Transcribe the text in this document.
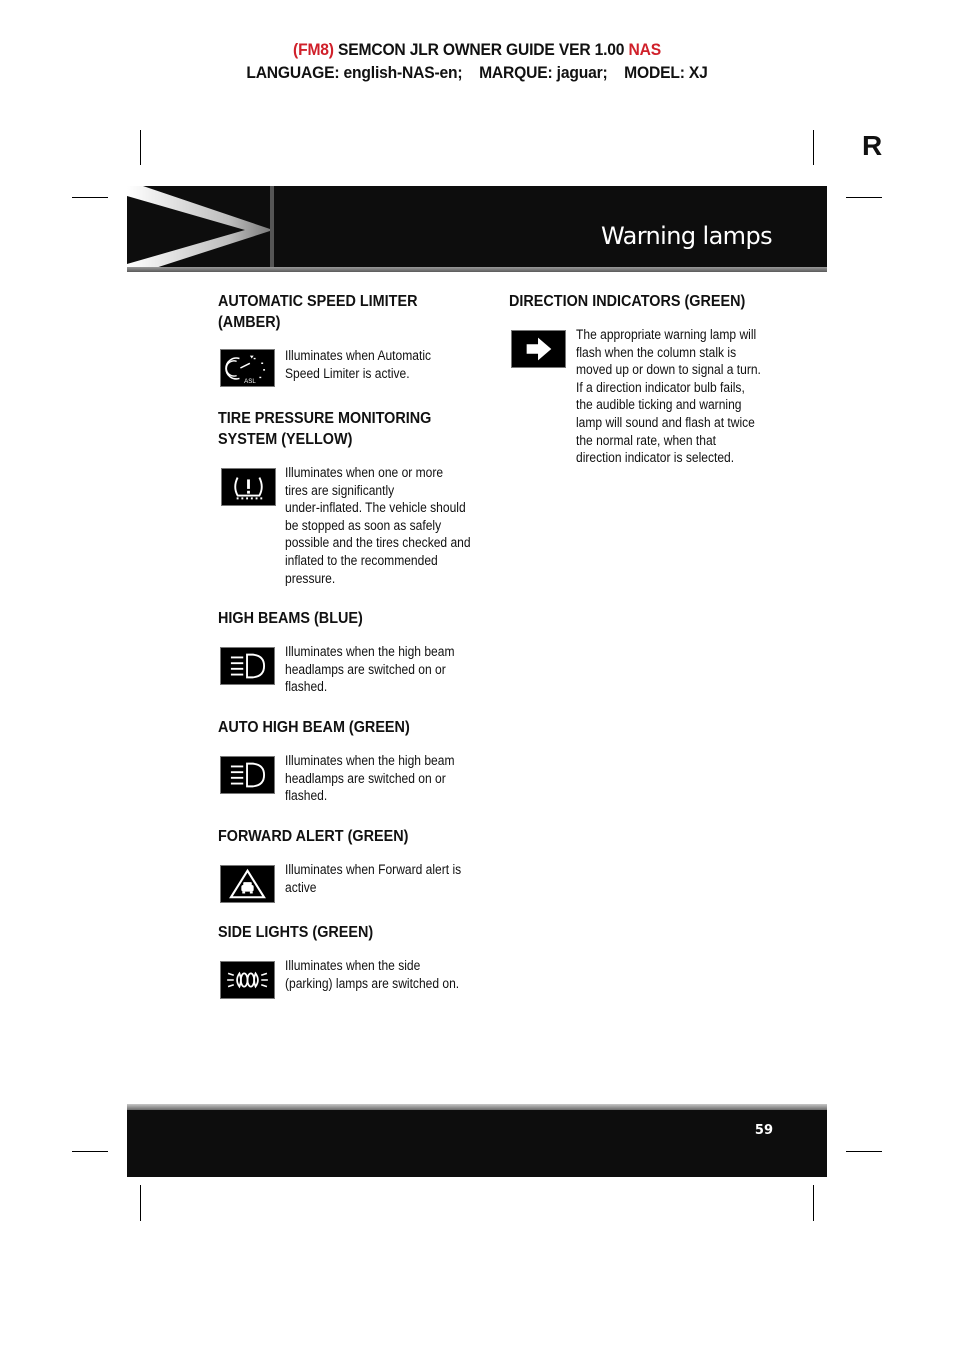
(FM8) SEMCON JLR OWNER GUIDE VER 1.00 NAS
LANGUAGE: english-NAS-en;    MARQUE: jaguar;    MODEL: XJ
R
Warning lamps
AUTOMATIC SPEED LIMITER
(AMBER)
ASL
Illuminates when Automatic
Speed Limiter is active.
TIRE PRESSURE MONITORING
SYSTEM (YELLOW)
Illuminates when one or more
tires are significantly
under-inflated. The vehicle should
be stopped as soon as safely
possible and the tires checked and
inflated to the recommended
pressure.
HIGH BEAMS (BLUE)
Illuminates when the high beam
headlamps are switched on or
flashed.
AUTO HIGH BEAM (GREEN)
Illuminates when the high beam
headlamps are switched on or
flashed.
FORWARD ALERT (GREEN)
Illuminates when Forward alert is
active
SIDE LIGHTS (GREEN)
Illuminates when the side
(parking) lamps are switched on.
DIRECTION INDICATORS (GREEN)
The appropriate warning lamp will
flash when the column stalk is
moved up or down to signal a turn.
If a direction indicator bulb fails,
the audible ticking and warning
lamp will sound and flash at twice
the normal rate, when that
direction indicator is selected.
59
